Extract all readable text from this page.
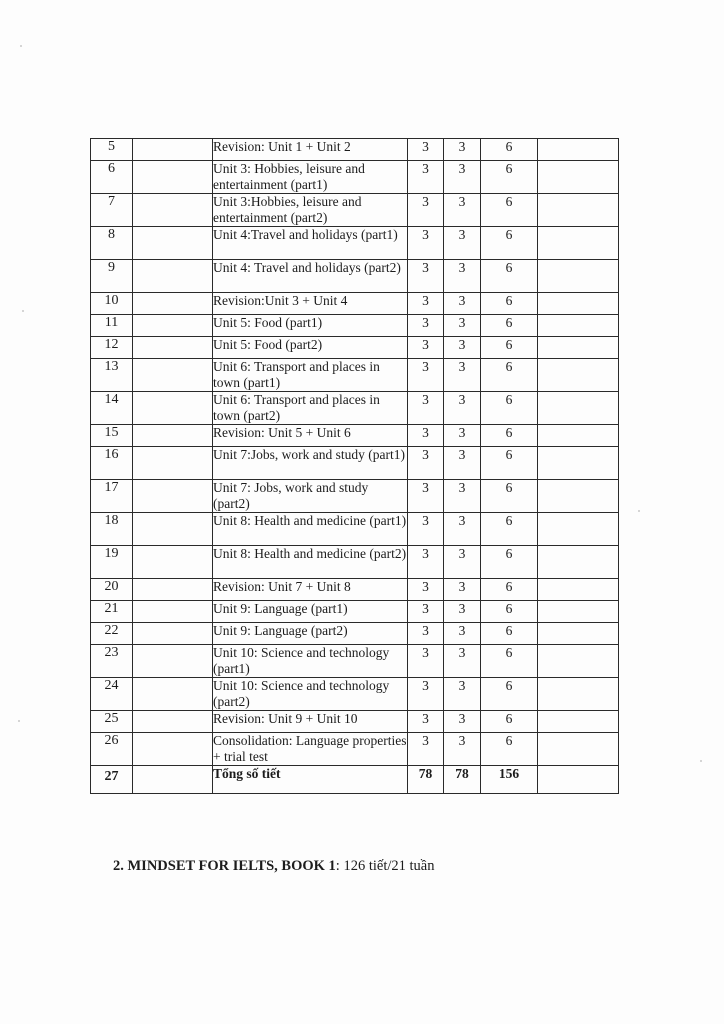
5		Revision: Unit 1 + Unit 2	3	3	6	
6		Unit 3: Hobbies, leisure and entertainment (part1)	3	3	6	
7		Unit 3:Hobbies, leisure and entertainment (part2)	3	3	6	
8		Unit 4:Travel and holidays (part1)	3	3	6	
9		Unit 4: Travel and holidays (part2)	3	3	6	
10		Revision:Unit 3 + Unit 4	3	3	6	
11		Unit 5: Food (part1)	3	3	6	
12		Unit 5: Food (part2)	3	3	6	
13		Unit 6: Transport and places in town (part1)	3	3	6	
14		Unit 6: Transport and places in town (part2)	3	3	6	
15		Revision: Unit 5 + Unit 6	3	3	6	
16		Unit 7:Jobs, work and study (part1)	3	3	6	
17		Unit 7: Jobs, work and study (part2)	3	3	6	
18		Unit 8: Health and medicine (part1)	3	3	6	
19		Unit 8: Health and medicine (part2)	3	3	6	
20		Revision: Unit 7 + Unit 8	3	3	6	
21		Unit 9: Language (part1)	3	3	6	
22		Unit 9: Language (part2)	3	3	6	
23		Unit 10: Science and technology (part1)	3	3	6	
24		Unit 10: Science and technology (part2)	3	3	6	
25		Revision: Unit 9 + Unit 10	3	3	6	
26		Consolidation: Language properties + trial test	3	3	6	
27		Tổng số tiết	78	78	156	
2. MINDSET FOR IELTS, BOOK 1: 126 tiết/21 tuần
